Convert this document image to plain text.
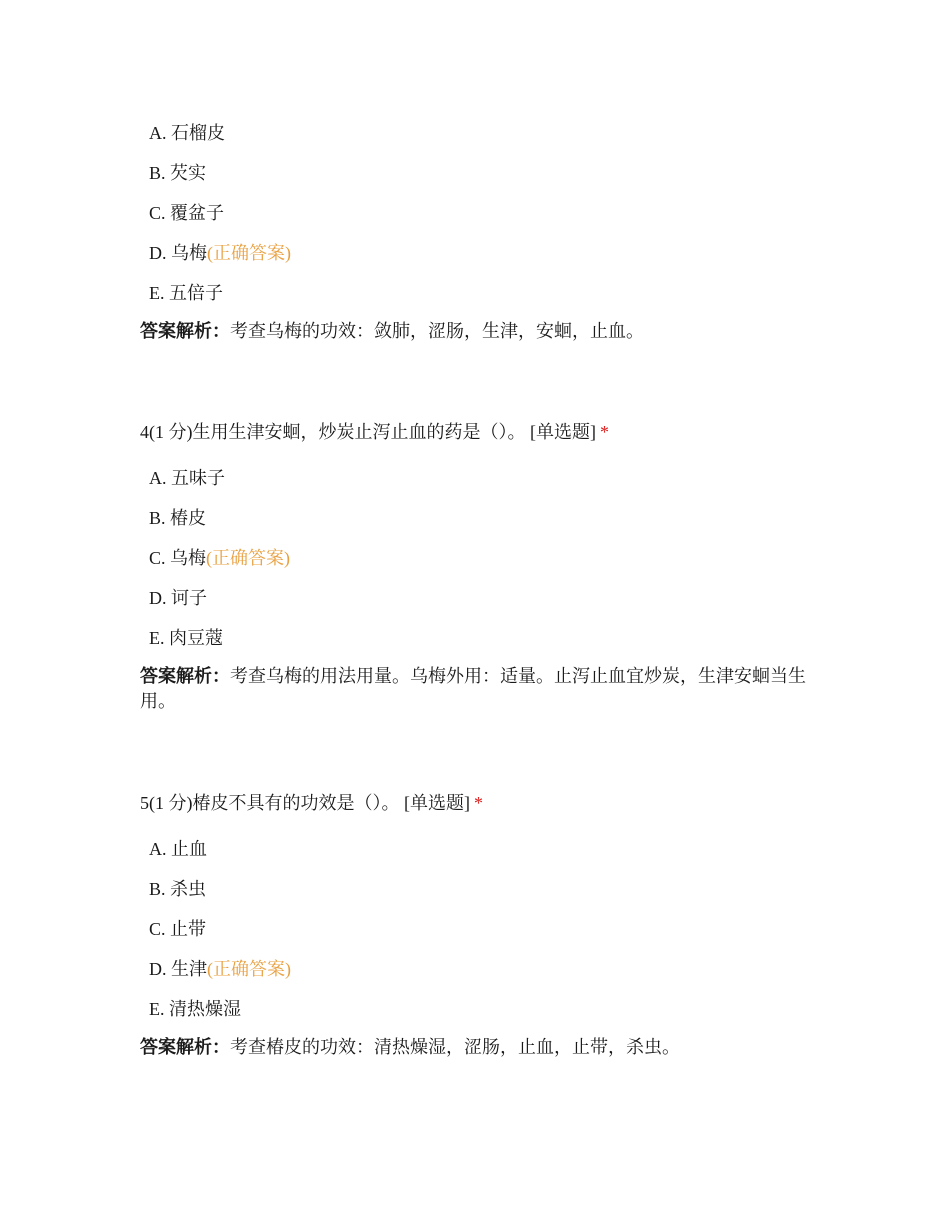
A. 石榴皮
B. 芡实
C. 覆盆子
D. 乌梅(正确答案)
E. 五倍子
答案解析：考查乌梅的功效：敛肺，涩肠，生津，安蛔，止血。
4(1 分)生用生津安蛔，炒炭止泻止血的药是（）。 [单选题] *
A. 五味子
B. 椿皮
C. 乌梅(正确答案)
D. 诃子
E. 肉豆蔻
答案解析：考查乌梅的用法用量。乌梅外用：适量。止泻止血宜炒炭，生津安蛔当生用。
5(1 分)椿皮不具有的功效是（）。 [单选题] *
A. 止血
B. 杀虫
C. 止带
D. 生津(正确答案)
E. 清热燥湿
答案解析：考查椿皮的功效：清热燥湿，涩肠，止血，止带，杀虫。
